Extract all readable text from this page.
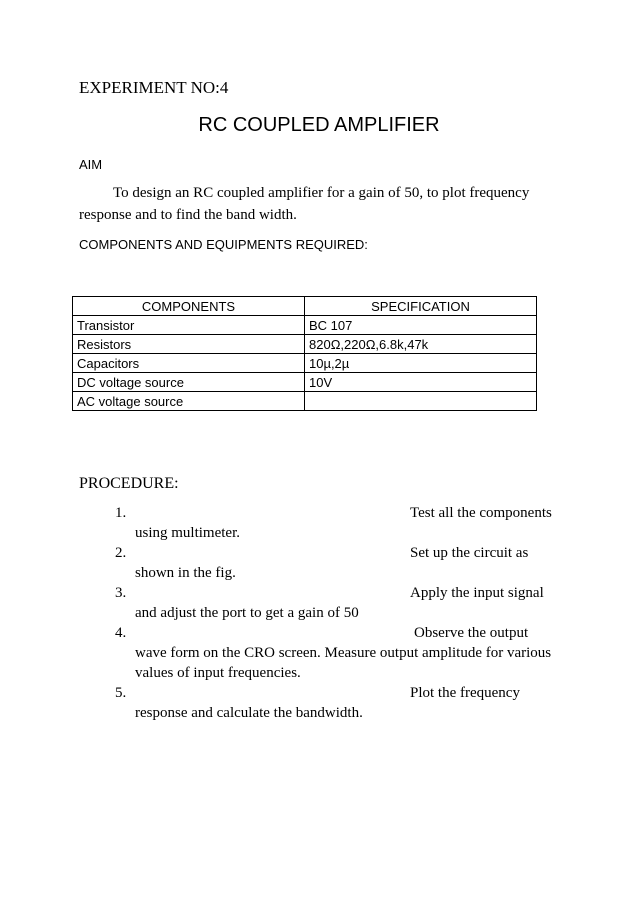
EXPERIMENT NO:4
RC COUPLED AMPLIFIER
AIM
To design an RC coupled amplifier for a gain of 50, to plot frequency
response and to find the band width.
COMPONENTS AND EQUIPMENTS REQUIRED:
COMPONENTS	SPECIFICATION
Transistor	BC 107
Resistors	820Ω,220Ω,6.8k,47k
Capacitors	10µ,2µ
DC voltage source	10V
AC voltage source	
PROCEDURE:
1.	Test all the components
using multimeter.
2.	Set up the circuit as
shown in the fig.
3.	Apply the input signal
and adjust the port to get a gain of 50
4.	Observe the output
wave form on the CRO screen. Measure output amplitude for various
values of input frequencies.
5.	Plot the frequency
response and calculate the bandwidth.
